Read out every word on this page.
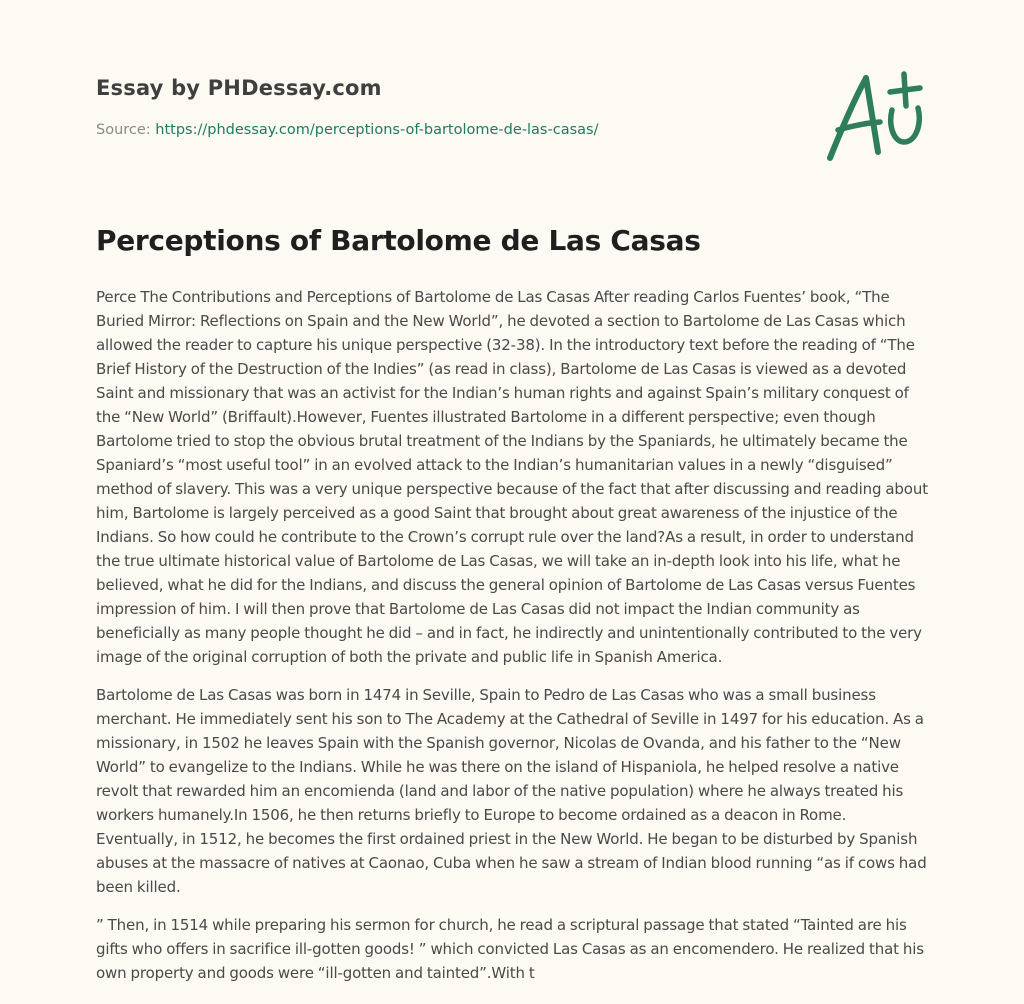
Essay by PHDessay.com
Source: https://phdessay.com/perceptions-of-bartolome-de-las-casas/
Perceptions of Bartolome de Las Casas

Perce The Contributions and Perceptions of Bartolome de Las Casas After reading Carlos Fuentes’ book, “The Buried Mirror: Reflections on Spain and the New World”, he devoted a section to Bartolome de Las Casas which allowed the reader to capture his unique perspective (32-38). In the introductory text before the reading of “The Brief History of the Destruction of the Indies” (as read in class), Bartolome de Las Casas is viewed as a devoted Saint and missionary that was an activist for the Indian’s human rights and against Spain’s military conquest of the “New World” (Briffault).However, Fuentes illustrated Bartolome in a different perspective; even though Bartolome tried to stop the obvious brutal treatment of the Indians by the Spaniards, he ultimately became the Spaniard’s “most useful tool” in an evolved attack to the Indian’s humanitarian values in a newly “disguised” method of slavery. This was a very unique perspective because of the fact that after discussing and reading about him, Bartolome is largely perceived as a good Saint that brought about great awareness of the injustice of the Indians. So how could he contribute to the Crown’s corrupt rule over the land?As a result, in order to understand the true ultimate historical value of Bartolome de Las Casas, we will take an in-depth look into his life, what he believed, what he did for the Indians, and discuss the general opinion of Bartolome de Las Casas versus Fuentes impression of him. I will then prove that Bartolome de Las Casas did not impact the Indian community as beneficially as many people thought he did – and in fact, he indirectly and unintentionally contributed to the very image of the original corruption of both the private and public life in Spanish America.

Bartolome de Las Casas was born in 1474 in Seville, Spain to Pedro de Las Casas who was a small business merchant. He immediately sent his son to The Academy at the Cathedral of Seville in 1497 for his education. As a missionary, in 1502 he leaves Spain with the Spanish governor, Nicolas de Ovanda, and his father to the “New World” to evangelize to the Indians. While he was there on the island of Hispaniola, he helped resolve a native revolt that rewarded him an encomienda (land and labor of the native population) where he always treated his workers humanely.In 1506, he then returns briefly to Europe to become ordained as a deacon in Rome. Eventually, in 1512, he becomes the first ordained priest in the New World. He began to be disturbed by Spanish abuses at the massacre of natives at Caonao, Cuba when he saw a stream of Indian blood running “as if cows had been killed.

” Then, in 1514 while preparing his sermon for church, he read a scriptural passage that stated “Tainted are his gifts who offers in sacrifice ill-gotten goods! ” which convicted Las Casas as an encomendero. He realized that his own property and goods were “ill-gotten and tainted”.With t
